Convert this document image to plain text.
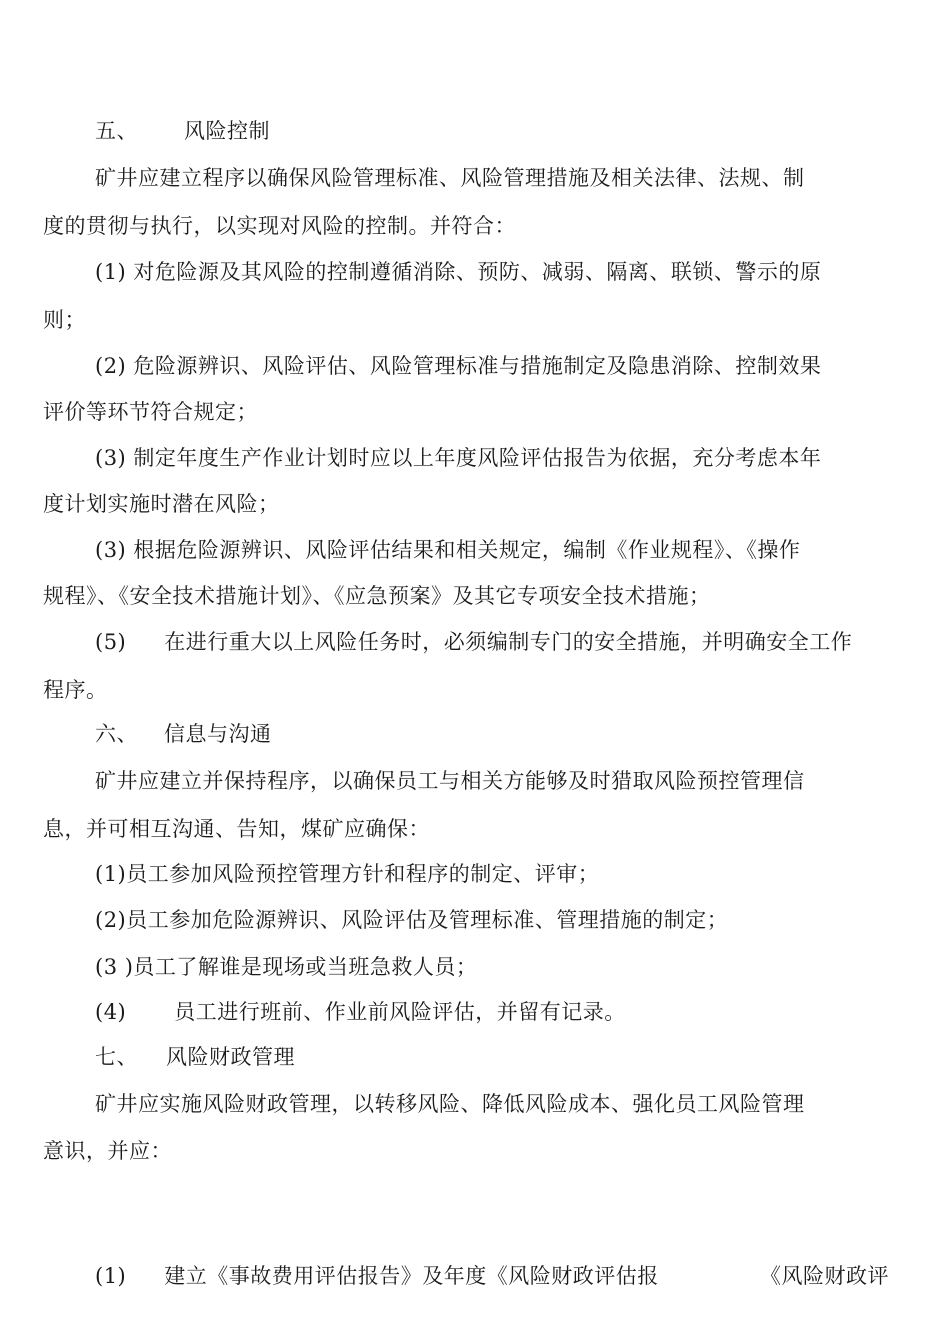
五、 风险控制
矿井应建立程序以确保风险管理标准、风险管理措施及相关法律、法规、制
度的贯彻与执行，以实现对风险的控制。并符合：
(1) 对危险源及其风险的控制遵循消除、预防、减弱、隔离、联锁、警示的原
则；
(2) 危险源辨识、风险评估、风险管理标准与措施制定及隐患消除、控制效果
评价等环节符合规定；
(3) 制定年度生产作业计划时应以上年度风险评估报告为依据，充分考虑本年
度计划实施时潜在风险；
(3) 根据危险源辨识、风险评估结果和相关规定，编制《作业规程》、《操作
规程》、《安全技术措施计划》、《应急预案》及其它专项安全技术措施；
(5) 在进行重大以上风险任务时，必须编制专门的安全措施，并明确安全工作
程序。
六、 信息与沟通
矿井应建立并保持程序，以确保员工与相关方能够及时猎取风险预控管理信
息，并可相互沟通、告知，煤矿应确保：
(1)员工参加风险预控管理方针和程序的制定、评审；
(2)员工参加危险源辨识、风险评估及管理标准、管理措施的制定；
(3 )员工了解谁是现场或当班急救人员；
(4) 员工进行班前、作业前风险评估，并留有记录。
七、 风险财政管理
矿井应实施风险财政管理，以转移风险、降低风险成本、强化员工风险管理
意识，并应：
(1) 建立《事故费用评估报告》及年度《风险财政评估报	《风险财政评
